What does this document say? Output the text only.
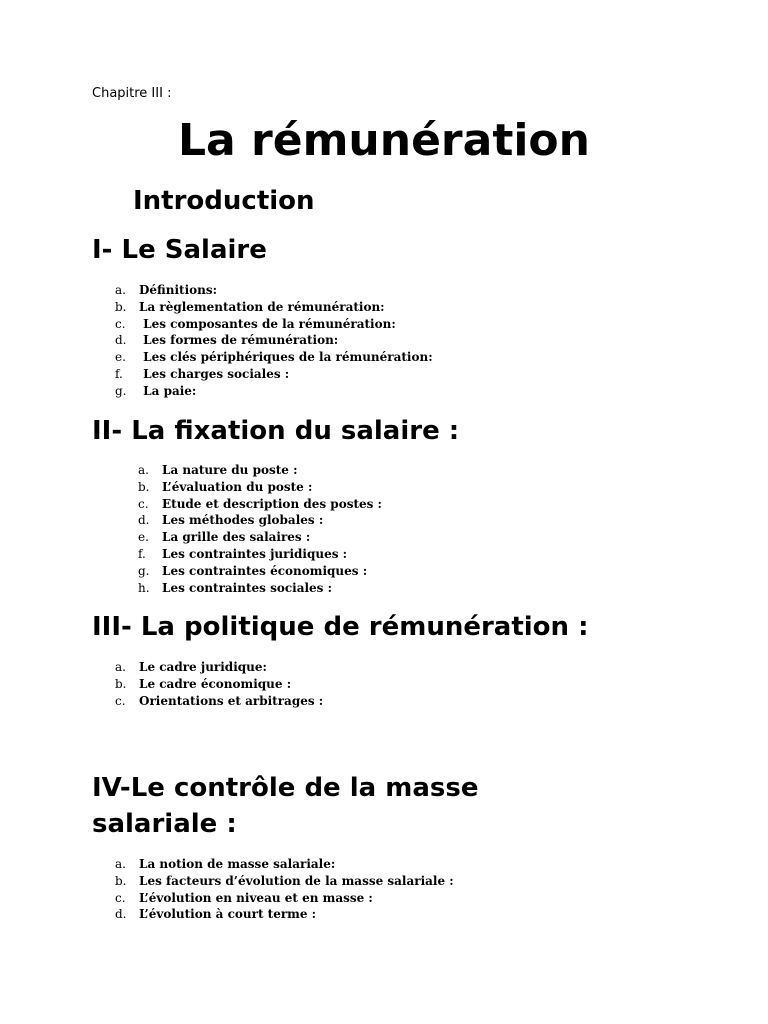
Chapitre III :
La rémunération
Introduction
I- Le Salaire
a. Définitions:
b. La règlementation de rémunération:
c. Les composantes de la rémunération:
d. Les formes de rémunération:
e. Les clés périphériques de la rémunération:
f. Les charges sociales :
g. La paie:
II- La fixation du salaire :
a. La nature du poste :
b. L’évaluation du poste :
c. Etude et description des postes :
d. Les méthodes globales :
e. La grille des salaires :
f. Les contraintes juridiques :
g. Les contraintes économiques :
h. Les contraintes sociales :
III- La politique de rémunération :
a. Le cadre juridique:
b. Le cadre économique :
c. Orientations et arbitrages :
IV-Le contrôle de la masse salariale :
a. La notion de masse salariale:
b. Les facteurs d’évolution de la masse salariale :
c. L’évolution en niveau et en masse :
d. L’évolution à court terme :
